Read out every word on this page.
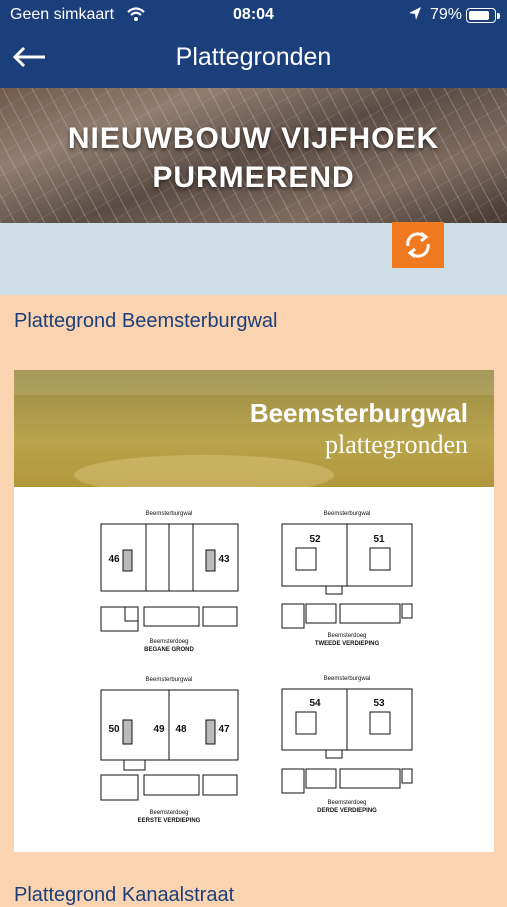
Geen simkaart	08:04	79%
Plattegronden
NIEUWBOUW VIJFHOEK
PURMEREND
Plattegrond Beemsterburgwal
Beemsterburgwal
plattegronden
Beemsterburgwal	Beemsterburgwal
Beemsterburgwal	Beemsterburgwal
Beemsterdoeg
Beemsterdoeg
Beemsterdoeg
Beemsterdoeg
BEGANE GROND
TWEEDE VERDIEPING
EERSTE VERDIEPING
DERDE VERDIEPING
46	43
52	51
50	49 48	47
54	53
Plattegrond Kanaalstraat
